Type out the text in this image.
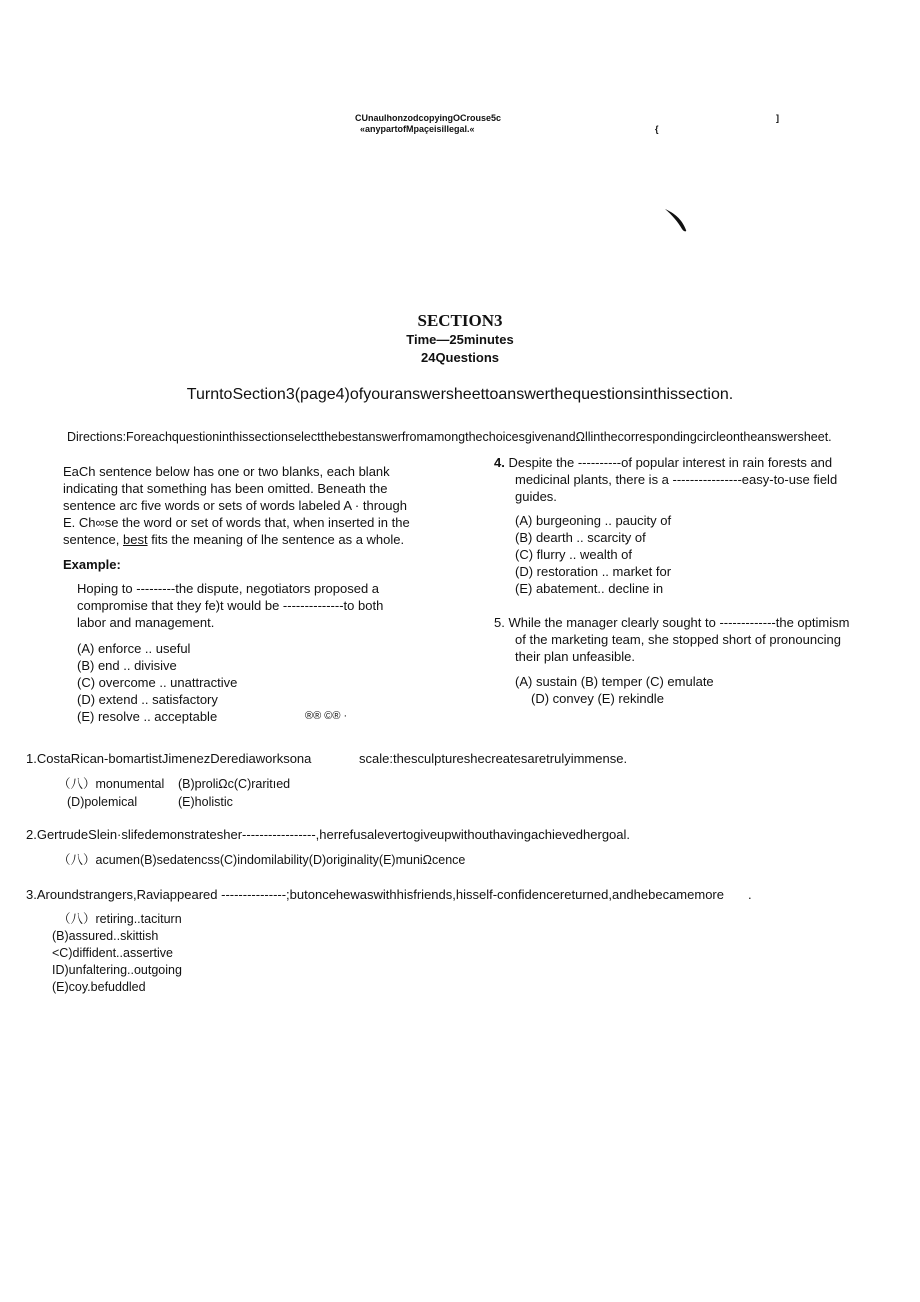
CUnaulhonzodcopyingOCrouse5c
«anypartofMpaçeisillegal.«
]
{
SECTION3
Time—25minutes
24Questions
TurntoSection3(page4)ofyouranswersheettoanswerthequestionsinthissection.
Directions:ForeachquestioninthissectionselectthebestanswerfromamongthechoicesgivenandΩllinthecorrespondingcircleontheanswersheet.
EaCh sentence below has one or two blanks, each blank
indicating that something has been omitted. Beneath the
sentence arc five words or sets of words labeled A · through
E. Ch∞se the word or set of words that, when inserted in the
sentence, best fits the meaning of lhe sentence as a whole.
Example:
Hoping to ---------the dispute, negotiators proposed a
compromise that they fe)t would be --------------to both
labor and management.
(A) enforce .. useful
(B) end .. divisive
(C) overcome .. unattractive
(D) extend .. satisfactory
(E) resolve .. acceptable	®® ©® ·
4. Despite the ----------of popular interest in rain forests and
medicinal plants, there is a ----------------easy-to-use field
guides.
(A) burgeoning .. paucity of
(B) dearth .. scarcity of
(C) flurry .. wealth of
(D) restoration .. market for
(E) abatement.. decline in
5. While the manager clearly sought to -------------the optimism
of the marketing team, she stopped short of pronouncing
their plan unfeasible.
(A) sustain (B) temper (C) emulate
(D) convey (E) rekindle
1.CostaRican-bomartistJimenezDerediaworksona	scale:thesculptureshecreatesaretrulyimmense.
（八）monumental (B)proliΩc(C)raritıed
(D)polemical	(E)holistic
2.GertrudeSlein·slifedemonstratesher-----------------,herrefusalevertogiveupwithouthavingachievedhergoal.
（八）acumen(B)sedatencss(C)indomilability(D)originality(E)muniΩcence
3.Aroundstrangers,Raviappeared ---------------;butoncehewaswithhisfriends,hisself-confidencereturned,andhebecamemore .
（八）retiring..taciturn
(B)assured..skittish
<C)diffident..assertive
ID)unfaltering..outgoing
(E)coy.befuddled
